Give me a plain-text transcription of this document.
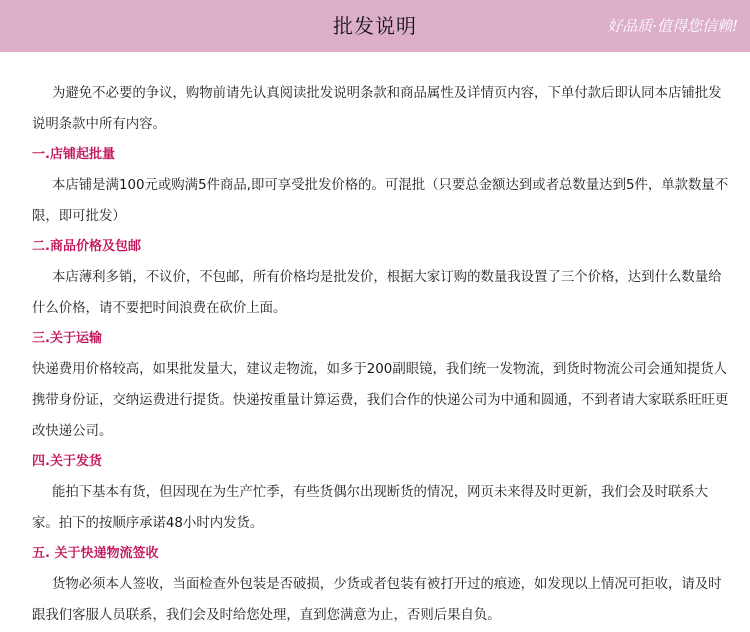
批发说明	好品质·值得您信赖!

为避免不必要的争议，购物前请先认真阅读批发说明条款和商品属性及详情页内容，下单付款后即认同本店铺批发说明条款中所有内容。

一.店铺起批量

本店铺是满100元或购满5件商品,即可享受批发价格的。可混批（只要总金额达到或者总数量达到5件，单款数量不限，即可批发）

二.商品价格及包邮

本店薄利多销，不议价，不包邮，所有价格均是批发价，根据大家订购的数量我设置了三个价格，达到什么数量给什么价格，请不要把时间浪费在砍价上面。

三.关于运输

快递费用价格较高，如果批发量大，建议走物流，如多于200副眼镜，我们统一发物流，到货时物流公司会通知提货人携带身份证，交纳运费进行提货。快递按重量计算运费，我们合作的快递公司为中通和圆通，不到者请大家联系旺旺更改快递公司。

四.关于发货

能拍下基本有货，但因现在为生产忙季，有些货偶尔出现断货的情况，网页未来得及时更新，我们会及时联系大家。拍下的按顺序承诺48小时内发货。

五. 关于快递物流签收

货物必须本人签收，当面检查外包装是否破损，少货或者包装有被打开过的痕迹，如发现以上情况可拒收，请及时跟我们客服人员联系，我们会及时给您处理，直到您满意为止，否则后果自负。
